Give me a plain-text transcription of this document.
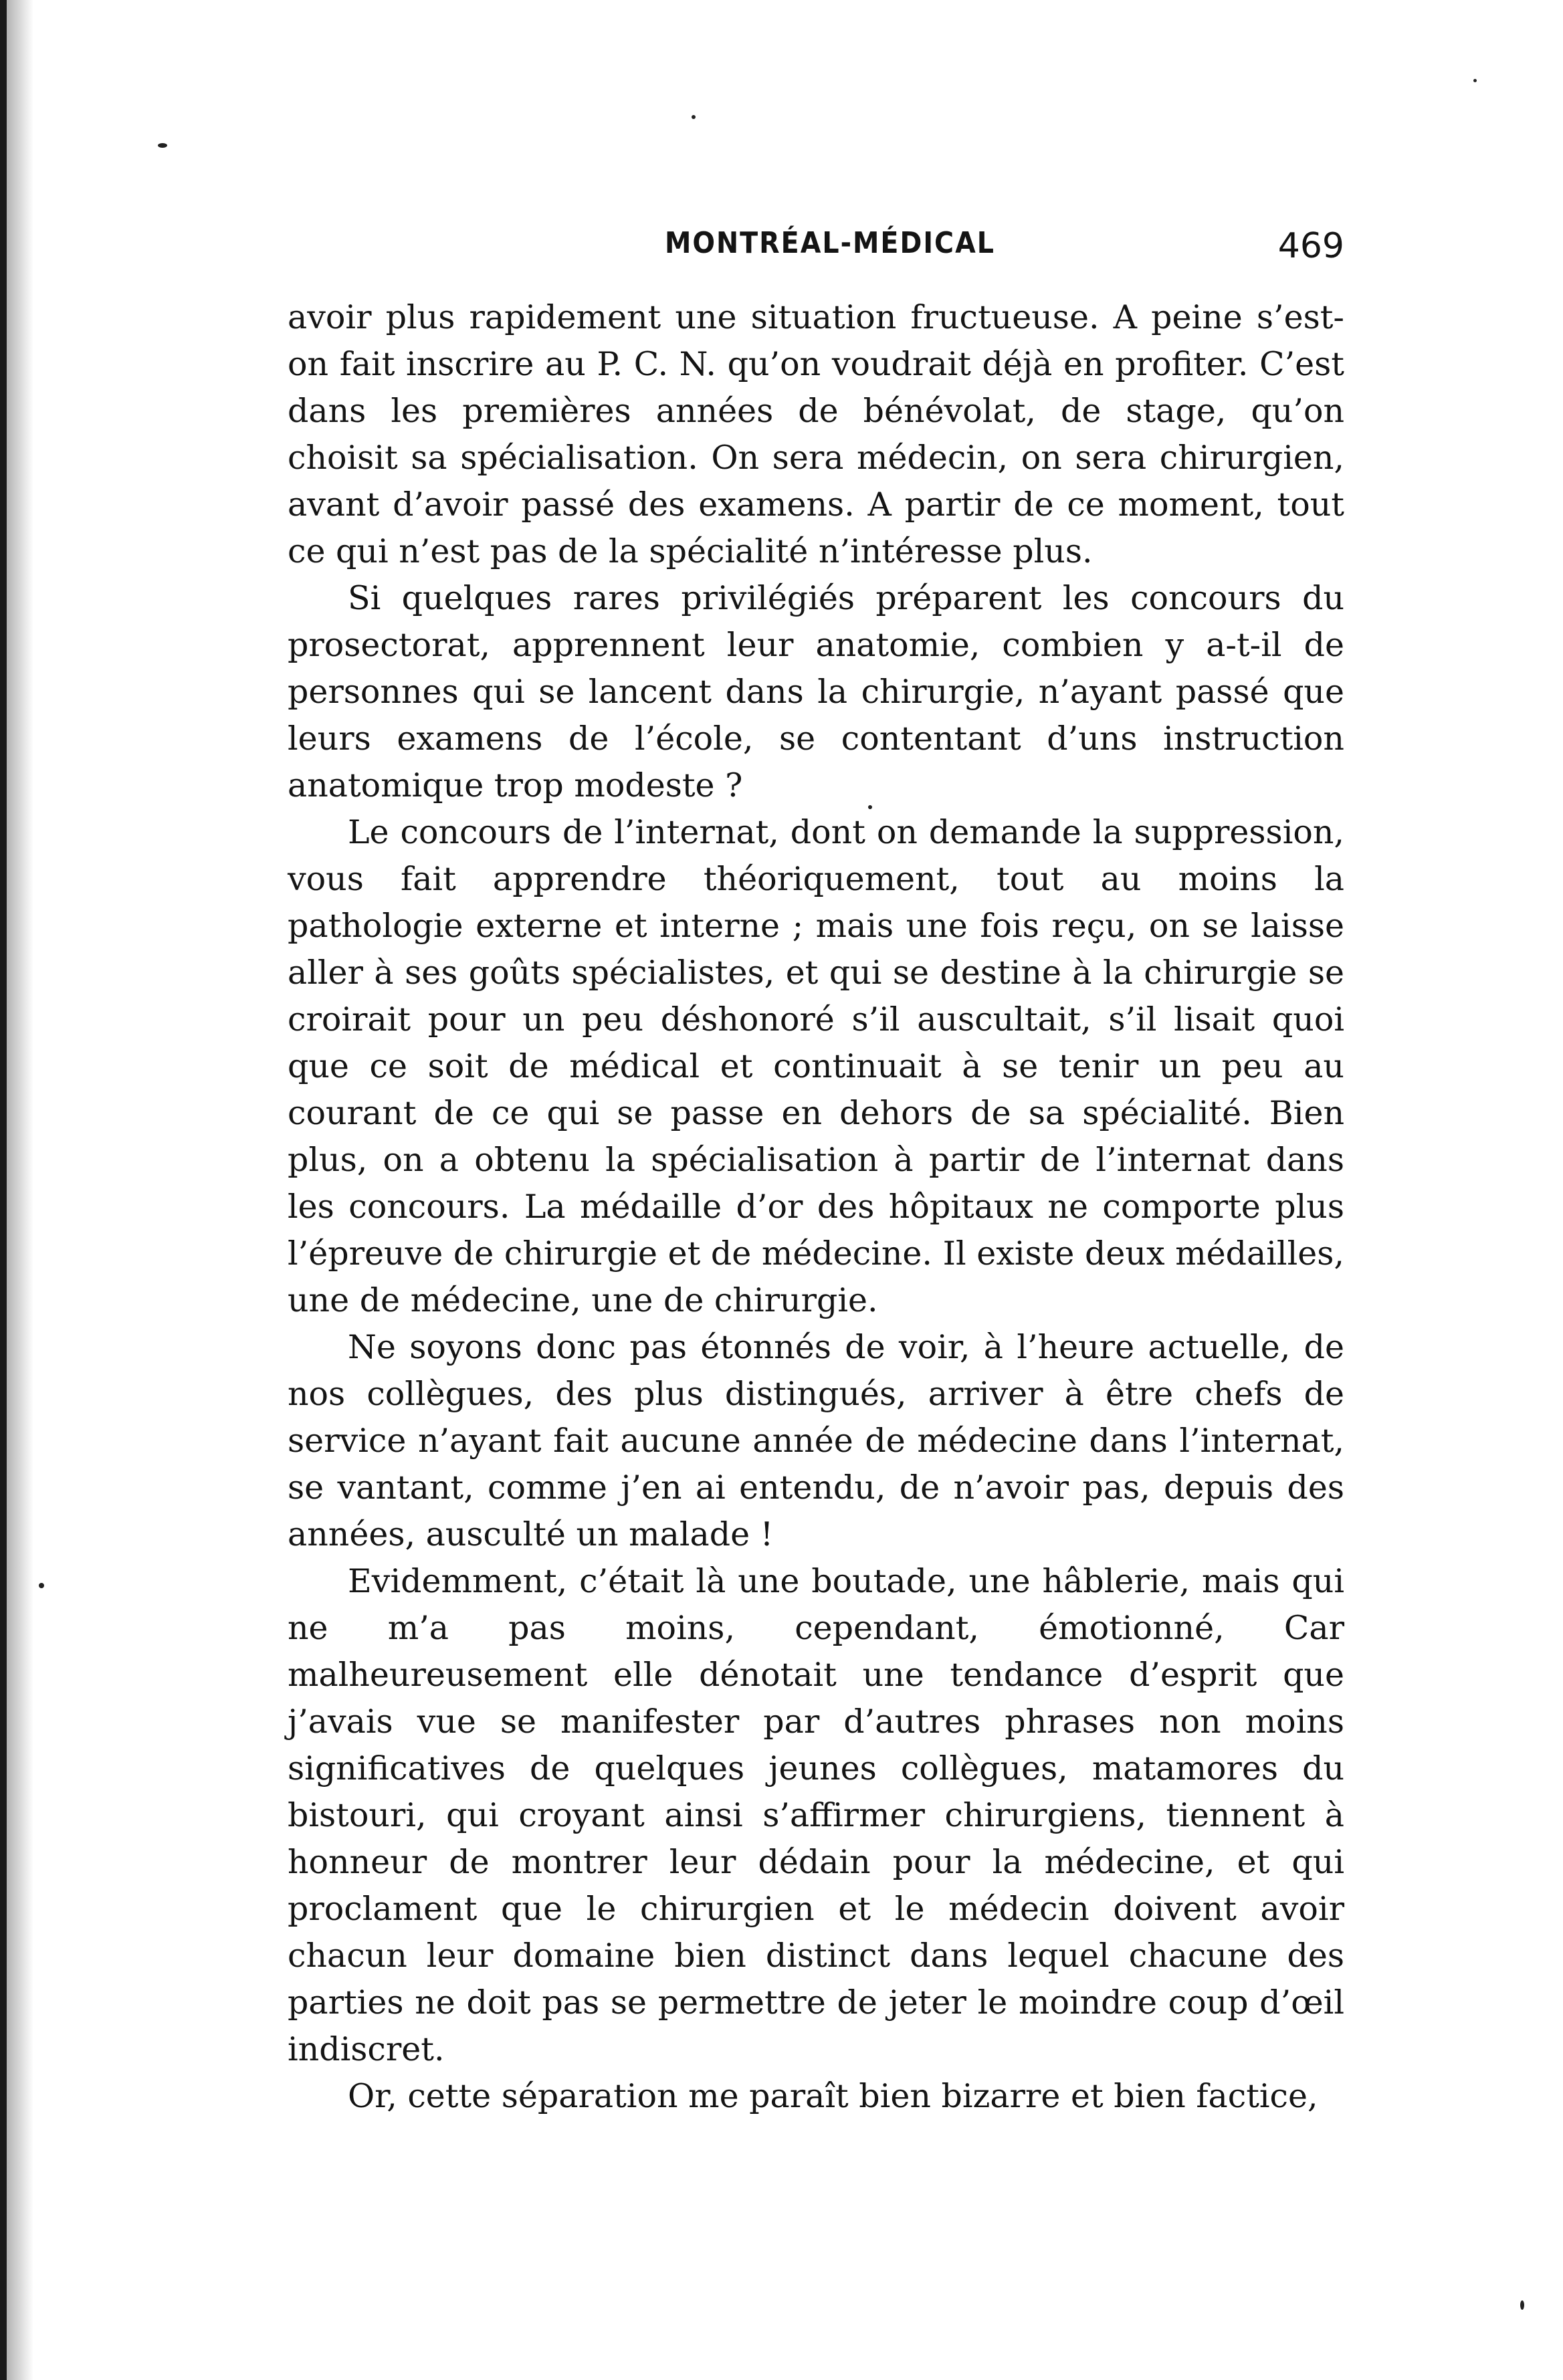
MONTRÉAL-MÉDICAL	469

avoir plus rapidement une situation fructueuse. A peine s’est-on fait inscrire au P. C. N. qu’on voudrait déjà en profiter. C’est dans les premières années de bénévolat, de stage, qu’on choisit sa spécialisation. On sera médecin, on sera chirurgien, avant d’avoir passé des examens. A partir de ce moment, tout ce qui n’est pas de la spécialité n’intéresse plus.

Si quelques rares privilégiés préparent les concours du prosectorat, apprennent leur anatomie, combien y a-t-il de personnes qui se lancent dans la chirurgie, n’ayant passé que leurs examens de l’école, se contentant d’uns instruction anatomique trop modeste ?

Le concours de l’internat, dont on demande la suppression, vous fait apprendre théoriquement, tout au moins la pathologie externe et interne ; mais une fois reçu, on se laisse aller à ses goûts spécialistes, et qui se destine à la chirurgie se croirait pour un peu déshonoré s’il auscultait, s’il lisait quoi que ce soit de médical et continuait à se tenir un peu au courant de ce qui se passe en dehors de sa spécialité. Bien plus, on a obtenu la spécialisation à partir de l’internat dans les concours. La médaille d’or des hôpitaux ne comporte plus l’épreuve de chirurgie et de médecine. Il existe deux médailles, une de médecine, une de chirurgie.

Ne soyons donc pas étonnés de voir, à l’heure actuelle, de nos collègues, des plus distingués, arriver à être chefs de service n’ayant fait aucune année de médecine dans l’internat, se vantant, comme j’en ai entendu, de n’avoir pas, depuis des années, ausculté un malade !

Evidemment, c’était là une boutade, une hâblerie, mais qui ne m’a pas moins, cependant, émotionné, Car malheureusement elle dénotait une tendance d’esprit que j’avais vue se manifester par d’autres phrases non moins significatives de quelques jeunes collègues, matamores du bistouri, qui croyant ainsi s’affirmer chirurgiens, tiennent à honneur de montrer leur dédain pour la médecine, et qui proclament que le chirurgien et le médecin doivent avoir chacun leur domaine bien distinct dans lequel chacune des parties ne doit pas se permettre de jeter le moindre coup d’œil indiscret.

Or, cette séparation me paraît bien bizarre et bien factice,
